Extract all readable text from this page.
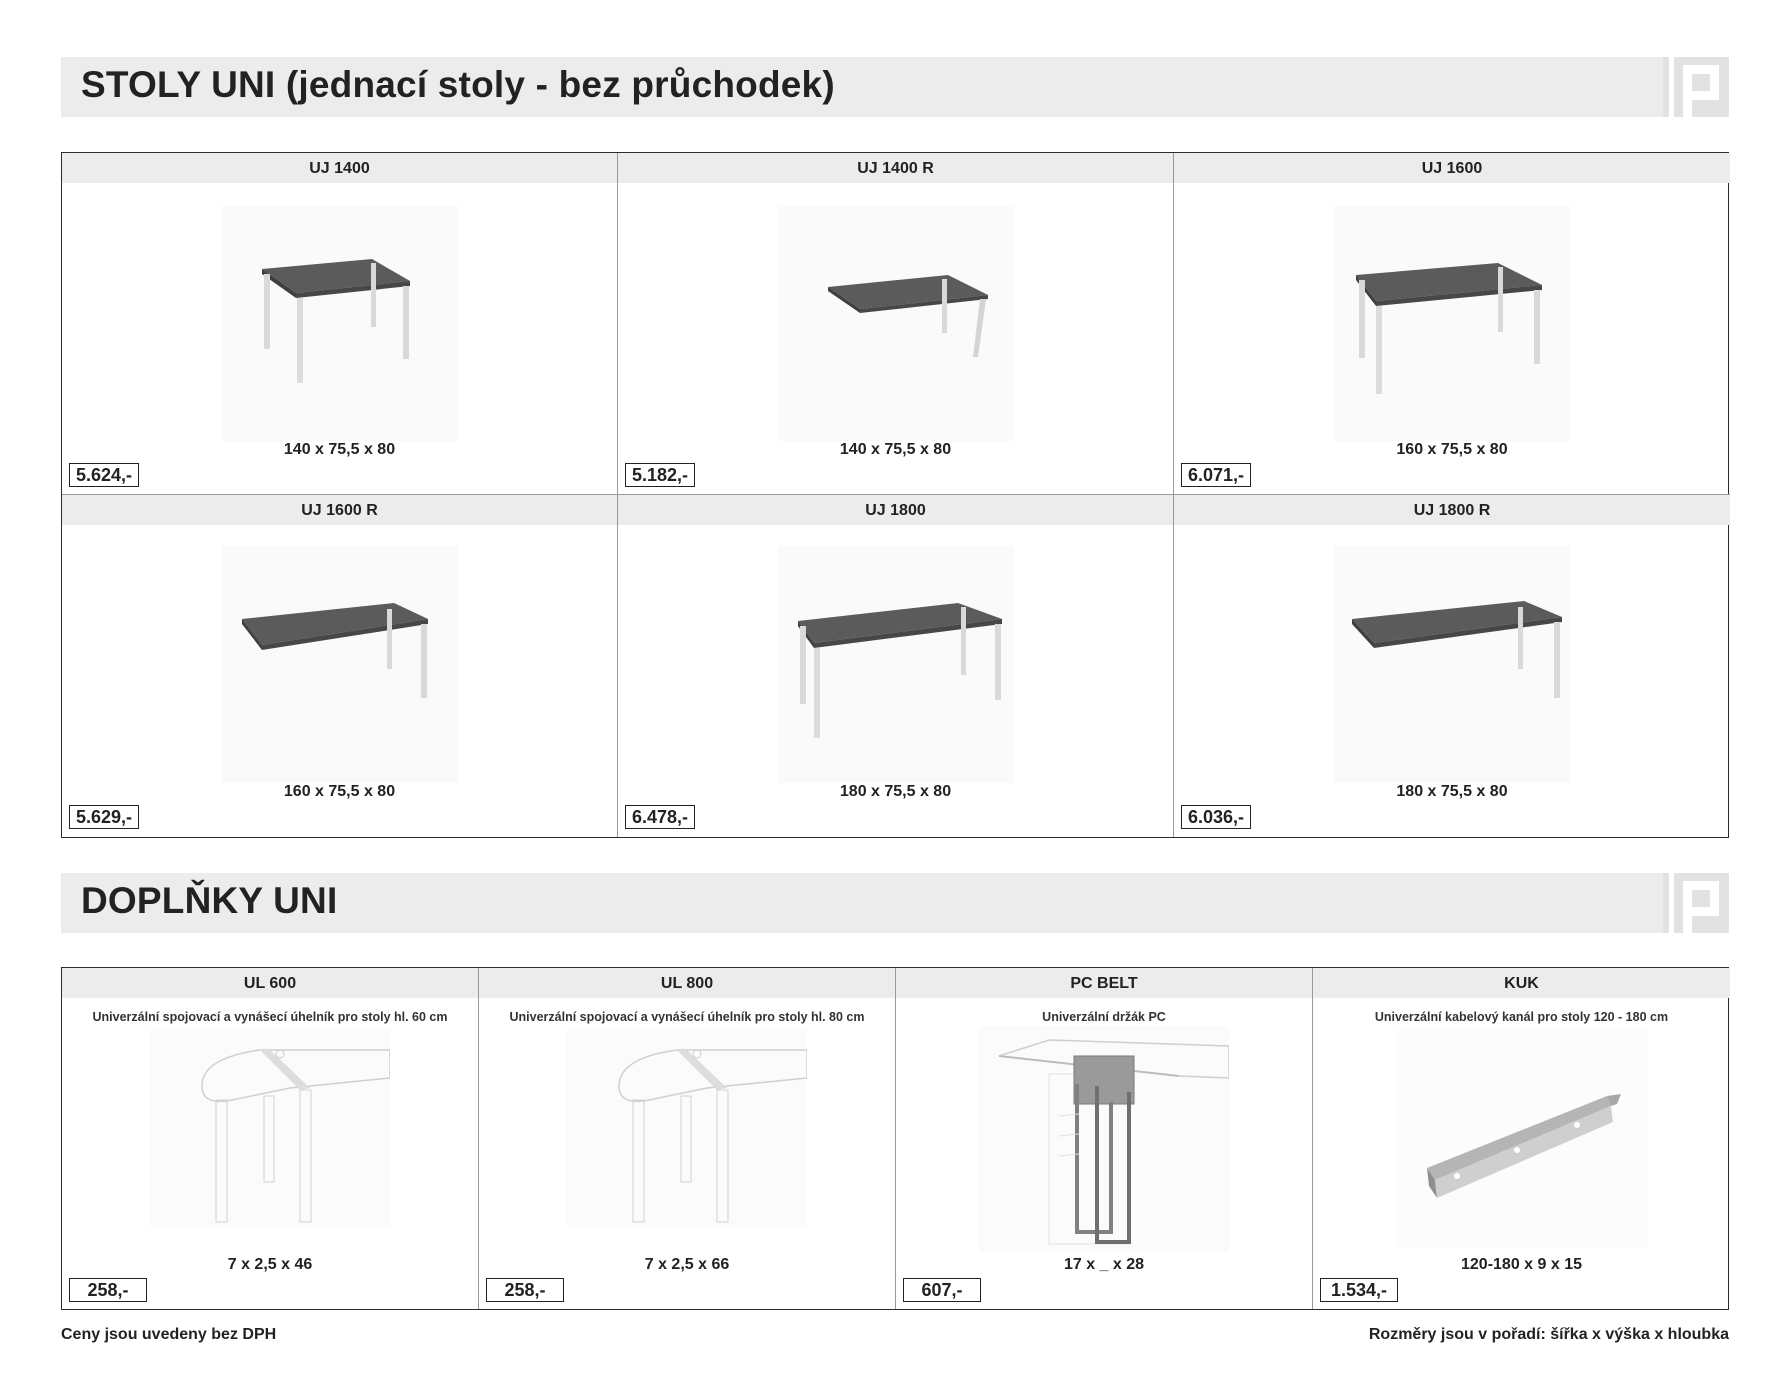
STOLY UNI (jednací stoly - bez průchodek)
UJ 1400
140 x 75,5 x 80
5.624,-
UJ 1400 R
140 x 75,5 x 80
5.182,-
UJ 1600
160 x 75,5 x 80
6.071,-
UJ 1600 R
160 x 75,5 x 80
5.629,-
UJ 1800
180 x 75,5 x 80
6.478,-
UJ 1800 R
180 x 75,5 x 80
6.036,-
DOPLŇKY UNI
UL 600
Univerzální spojovací a vynášecí úhelník pro stoly hl. 60 cm
7 x 2,5 x 46
258,-
UL 800
Univerzální spojovací a vynášecí úhelník pro stoly hl. 80 cm
7 x 2,5 x 66
258,-
PC BELT
Univerzální držák PC
17 x _ x 28
607,-
KUK
Univerzální kabelový kanál pro stoly 120 - 180 cm
120-180 x 9 x 15
1.534,-
Ceny jsou uvedeny bez DPH	Rozměry jsou v pořadí: šířka x výška x hloubka
